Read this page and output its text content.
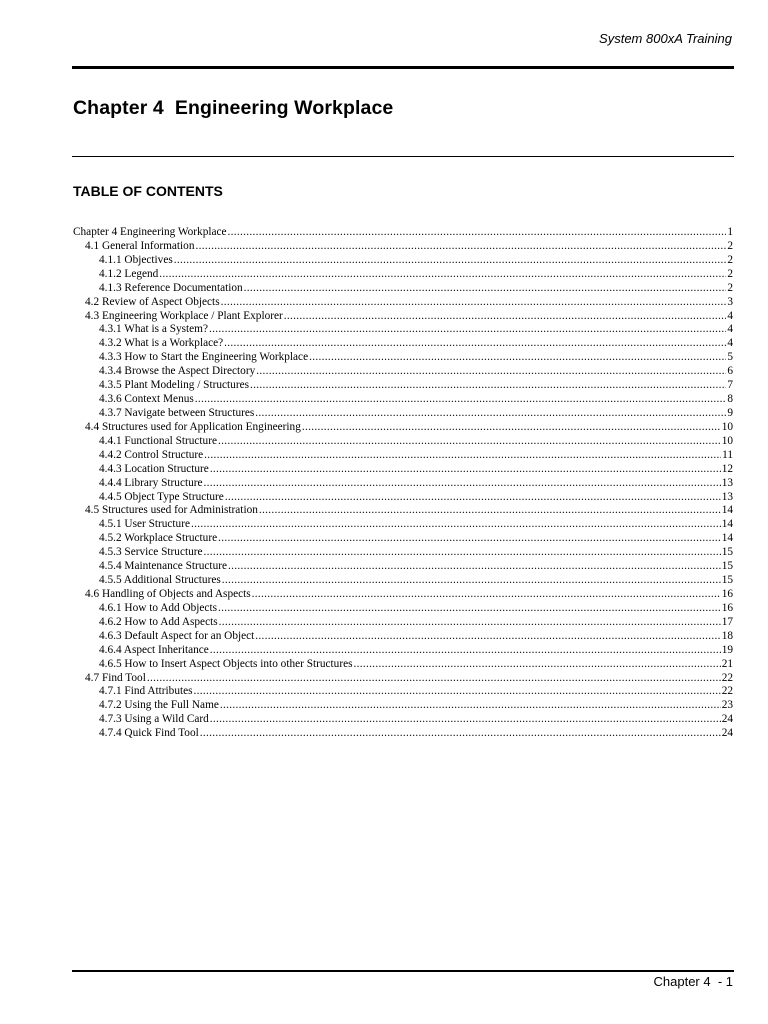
System 800xA Training
Chapter 4  Engineering Workplace
TABLE OF CONTENTS
Chapter 4 Engineering Workplace .....	1
4.1 General Information .....	2
4.1.1 Objectives .....	2
4.1.2 Legend .....	2
4.1.3 Reference Documentation .....	2
4.2 Review of Aspect Objects .....	3
4.3 Engineering Workplace / Plant Explorer .....	4
4.3.1 What is a System? .....	4
4.3.2 What is a Workplace? .....	4
4.3.3 How to Start the Engineering Workplace .....	5
4.3.4 Browse the Aspect Directory .....	6
4.3.5 Plant Modeling / Structures .....	7
4.3.6 Context Menus .....	8
4.3.7 Navigate between Structures .....	9
4.4 Structures used for Application Engineering .....	10
4.4.1 Functional Structure .....	10
4.4.2 Control Structure .....	11
4.4.3 Location Structure .....	12
4.4.4 Library Structure .....	13
4.4.5 Object Type Structure .....	13
4.5 Structures used for Administration .....	14
4.5.1 User Structure .....	14
4.5.2 Workplace Structure .....	14
4.5.3 Service Structure .....	15
4.5.4 Maintenance Structure .....	15
4.5.5 Additional Structures .....	15
4.6 Handling of Objects and Aspects .....	16
4.6.1 How to Add Objects .....	16
4.6.2 How to Add Aspects .....	17
4.6.3 Default Aspect for an Object .....	18
4.6.4 Aspect Inheritance .....	19
4.6.5 How to Insert Aspect Objects into other Structures .....	21
4.7 Find Tool .....	22
4.7.1 Find Attributes .....	22
4.7.2 Using the Full Name .....	23
4.7.3 Using a Wild Card .....	24
4.7.4 Quick Find Tool .....	24
Chapter 4  - 1
